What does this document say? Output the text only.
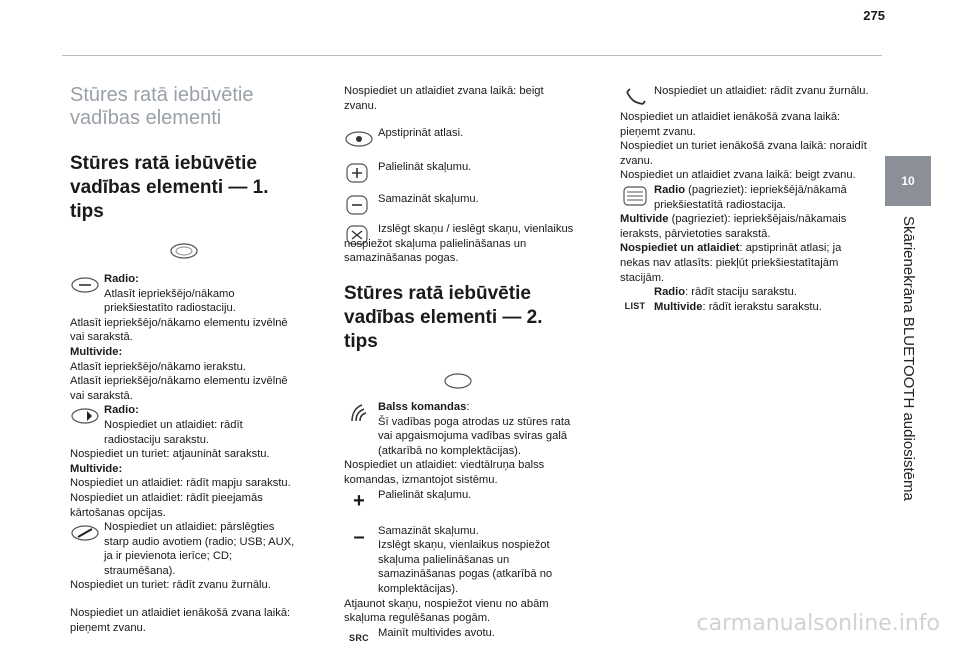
275
10
Skārienekrāna BLUETOOTH audiosistēma
Stūres ratā iebūvētie vadības elementi
Stūres ratā iebūvētie vadības elementi — 1. tips
Radio:
Atlasīt iepriekšējo/nākamo priekšiestatīto radiostaciju.

Atlasīt iepriekšējo/nākamo elementu izvēlnē vai sarakstā.

Multivide:

Atlasīt iepriekšējo/nākamo ierakstu.

Atlasīt iepriekšējo/nākamo elementu izvēlnē vai sarakstā.

Radio:
Nospiediet un atlaidiet: rādīt radiostaciju sarakstu.

Nospiediet un turiet: atjaunināt sarakstu.

Multivide:

Nospiediet un atlaidiet: rādīt mapju sarakstu.

Nospiediet un atlaidiet: rādīt pieejamās kārtošanas opcijas.

Nospiediet un atlaidiet: pārslēgties starp audio avotiem (radio; USB; AUX, ja ir pievienota ierīce; CD; straumēšana).

Nospiediet un turiet: rādīt zvanu žurnālu.

Nospiediet un atlaidiet ienākošā zvana laikā: pieņemt zvanu.

Nospiediet un atlaidiet zvana laikā: beigt zvanu.

Apstiprināt atlasi.
Palielināt skaļumu.
Samazināt skaļumu.

Izslēgt skaņu / ieslēgt skaņu, vienlaikus nospiežot skaļuma palielināšanas un samazināšanas pogas.

Stūres ratā iebūvētie vadības elementi — 2. tips
Balss komandas:
Šī vadības poga atrodas uz stūres rata vai apgaismojuma vadības sviras galā (atkarībā no komplektācijas).

Nospiediet un atlaidiet: viedtālruņa balss komandas, izmantojot sistēmu.

+ Palielināt skaļumu.
– Samazināt skaļumu.
Izslēgt skaņu, vienlaikus nospiežot skaļuma palielināšanas un samazināšanas pogas (atkarībā no komplektācijas).

Atjaunot skaņu, nospiežot vienu no abām skaļuma regulēšanas pogām.

SRC Mainīt multivides avotu.
Nospiediet un atlaidiet: rādīt zvanu žurnālu.

Nospiediet un atlaidiet ienākošā zvana laikā: pieņemt zvanu.

Nospiediet un turiet ienākošā zvana laikā: noraidīt zvanu.

Nospiediet un atlaidiet zvana laikā: beigt zvanu.

Radio (pagrieziet): iepriekšējā/nākamā priekšiestatītā radiostacija.

Multivide (pagrieziet): iepriekšējais/nākamais ieraksts, pārvietoties sarakstā.

Nospiediet un atlaidiet: apstiprināt atlasi; ja nekas nav atlasīts: piekļūt priekšiestatītajām stacijām.

LIST
Radio: rādīt staciju sarakstu.
Multivide: rādīt ierakstu sarakstu.
carmanualsonline.info
